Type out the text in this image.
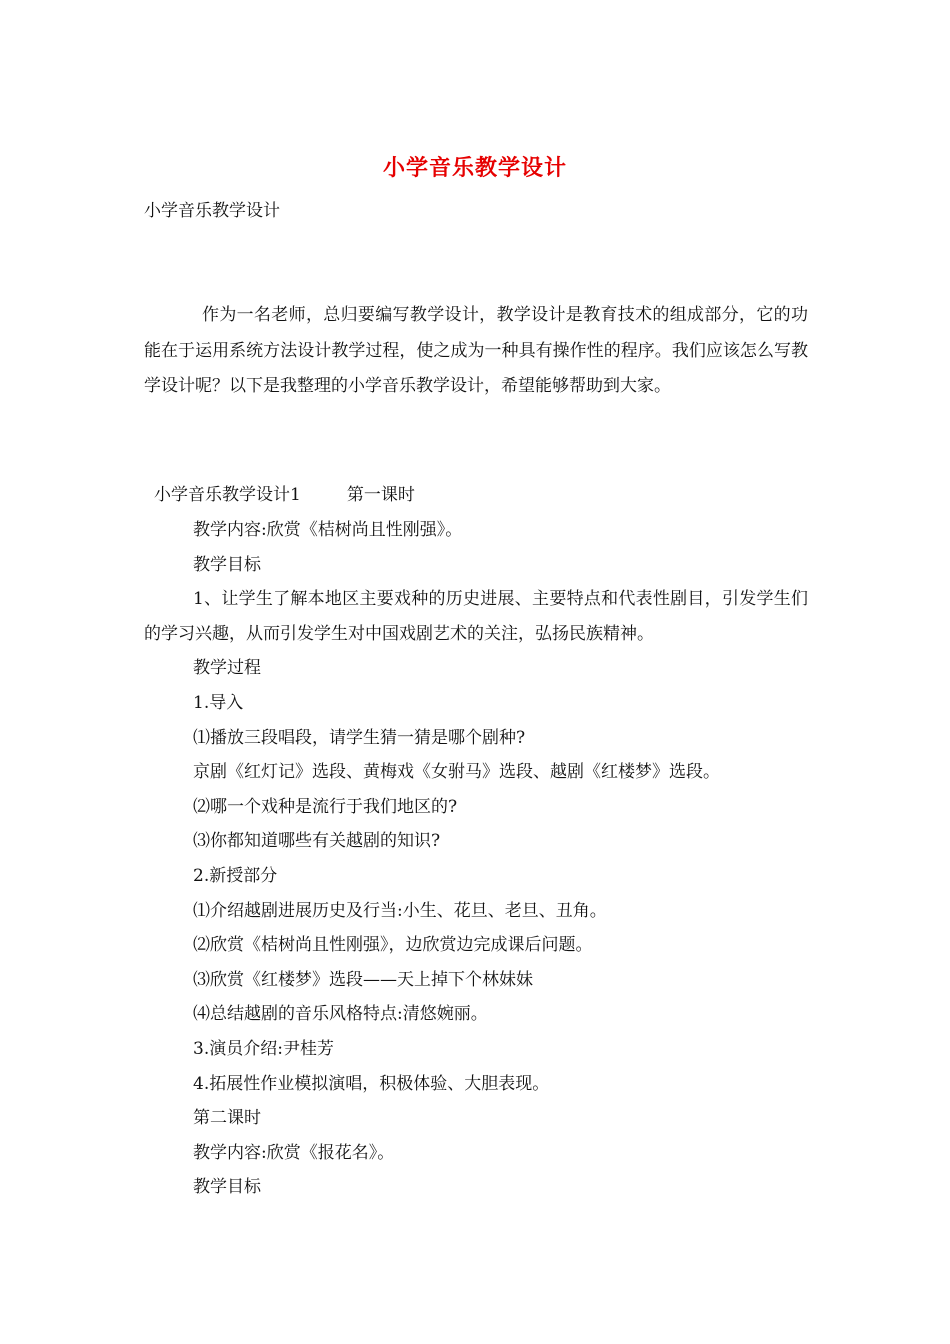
小学音乐教学设计
小学音乐教学设计

作为一名老师，总归要编写教学设计，教学设计是教育技术的组成部分，它的功能在于运用系统方法设计教学过程，使之成为一种具有操作性的程序。我们应该怎么写教学设计呢？以下是我整理的小学音乐教学设计，希望能够帮助到大家。

小学音乐教学设计1	第一课时

教学内容:欣赏《桔树尚且性刚强》。

教学目标

1、让学生了解本地区主要戏种的历史进展、主要特点和代表性剧目，引发学生们的学习兴趣，从而引发学生对中国戏剧艺术的关注，弘扬民族精神。

教学过程

1.导入

⑴播放三段唱段，请学生猜一猜是哪个剧种?

京剧《红灯记》选段、黄梅戏《女驸马》选段、越剧《红楼梦》选段。

⑵哪一个戏种是流行于我们地区的?

⑶你都知道哪些有关越剧的知识?

2.新授部分

⑴介绍越剧进展历史及行当:小生、花旦、老旦、丑角。

⑵欣赏《桔树尚且性刚强》，边欣赏边完成课后问题。

⑶欣赏《红楼梦》选段——天上掉下个林妹妹

⑷总结越剧的音乐风格特点:清悠婉丽。

3.演员介绍:尹桂芳

4.拓展性作业模拟演唱，积极体验、大胆表现。

第二课时

教学内容:欣赏《报花名》。

教学目标
